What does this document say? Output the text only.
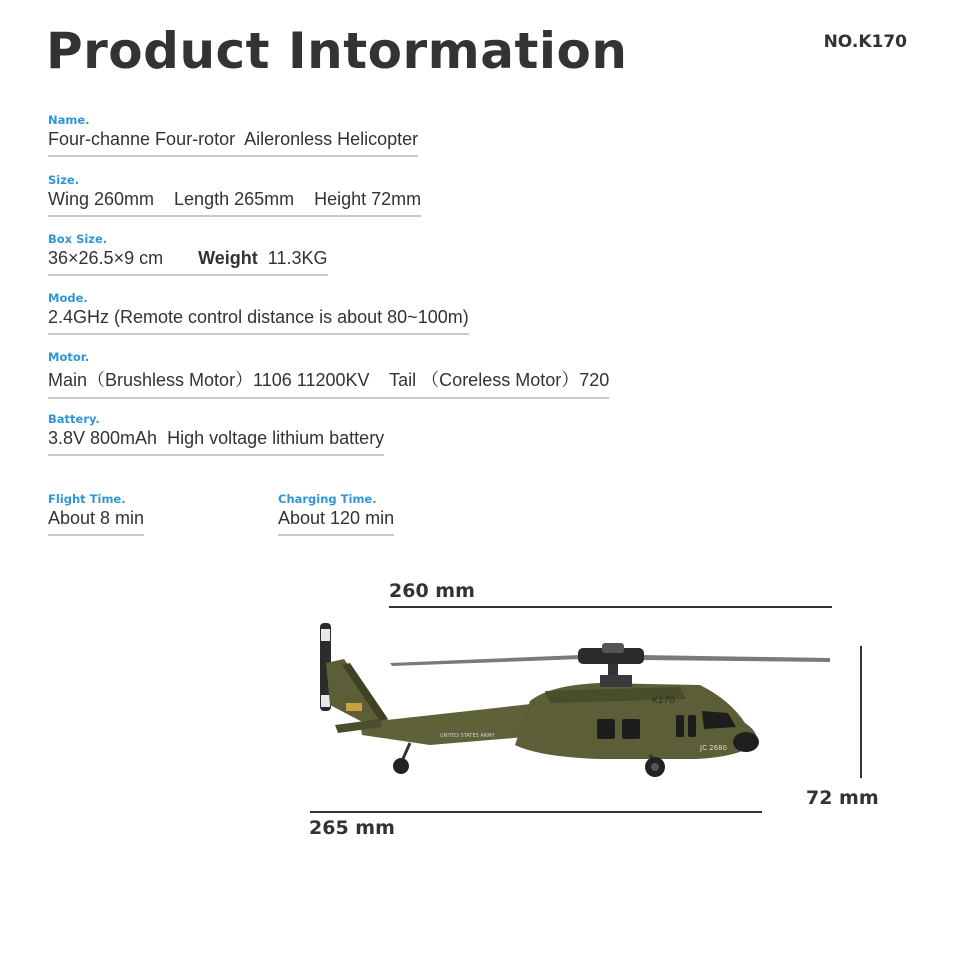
Product Intormation	NO.K170
Name.
Four-channe Four-rotor  Aileronless Helicopter
Size.
Wing 260mm    Length 265mm    Height 72mm
Box Size.
36×26.5×9 cm Weight 11.3KG
Mode.
2.4GHz (Remote control distance is about 80~100m)
Motor.
Main（Brushless Motor）1106 11200KV    Tail （Coreless Motor）720
Battery.
3.8V 800mAh  High voltage lithium battery
Flight Time.
About 8 min
Charging Time.
About 120 min
260 mm
72 mm
265 mm
K170
UNITED STATES ARMY
JC 2680
